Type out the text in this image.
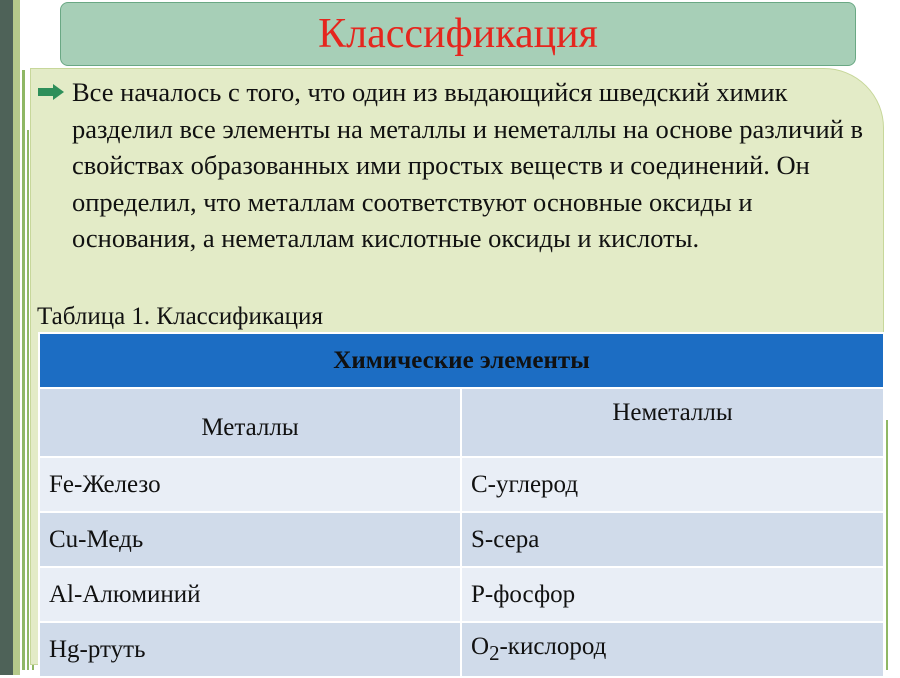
Классификация
Все началось с того, что один из выдающийся шведский химик разделил все элементы на металлы и неметаллы на основе различий в свойствах образованных ими простых веществ и соединений. Он определил, что металлам соответствуют основные оксиды и основания, а неметаллам кислотные оксиды и кислоты.
Таблица 1. Классификация
Химические элементы	
Металлы	Неметаллы
Fe-Железо	C-углерод
Cu-Медь	S-сера
Al-Алюминий	P-фосфор
Hg-ртуть	$O_2$-кислород
